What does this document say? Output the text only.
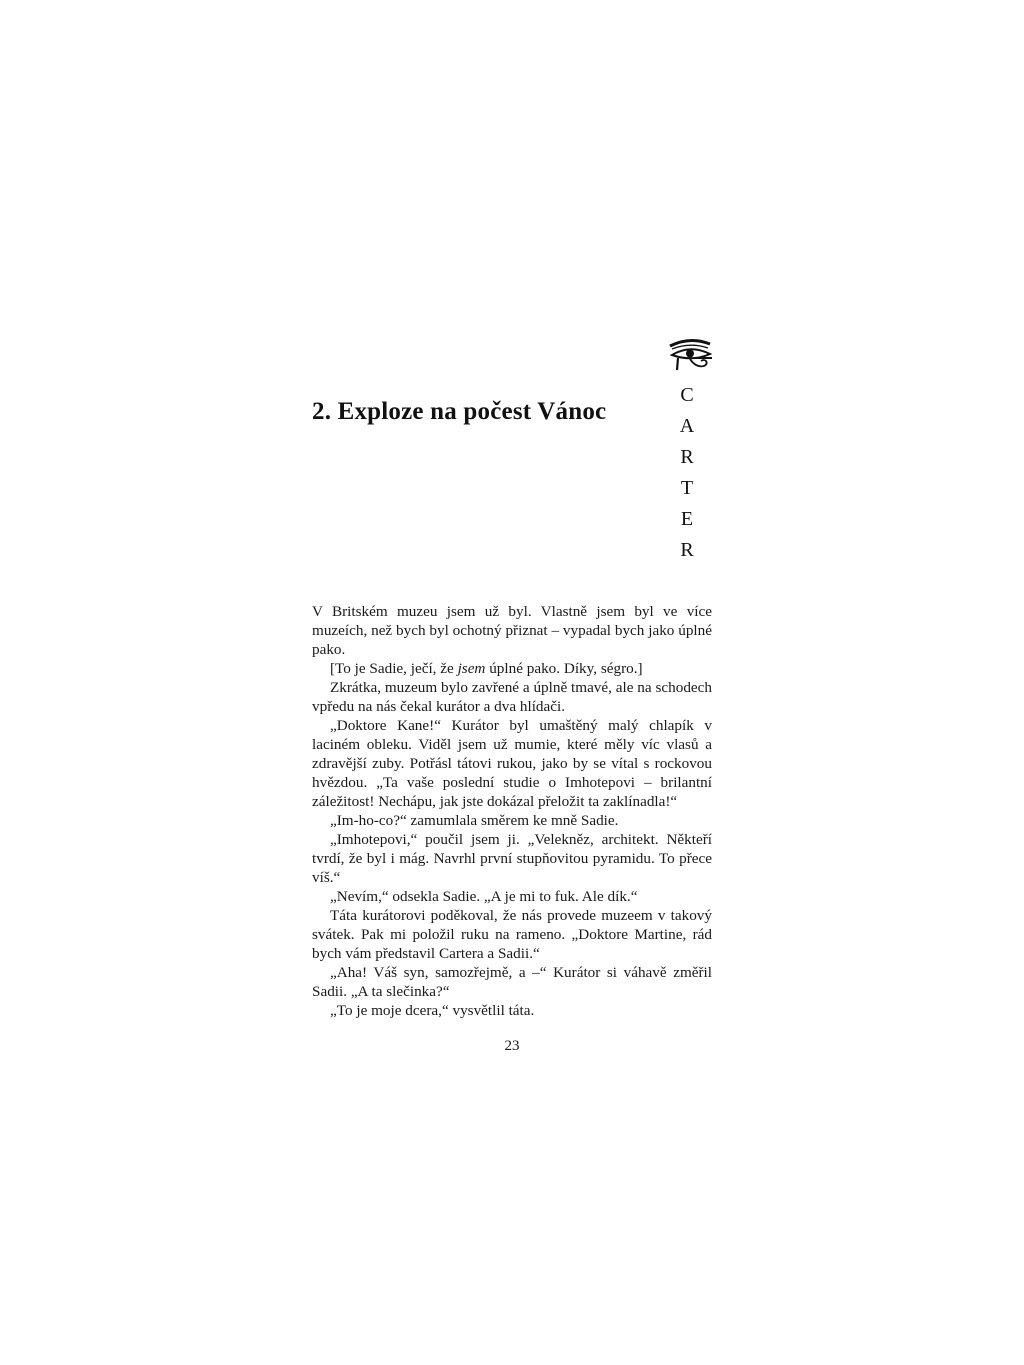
2. Exploze na počest Vánoc
C
A
R
T
E
R

V Britském muzeu jsem už byl. Vlastně jsem byl ve více muzeích, než bych byl ochotný přiznat – vypadal bych jako úplné pako.

[To je Sadie, ječí, že jsem úplné pako. Díky, ségro.]

Zkrátka, muzeum bylo zavřené a úplně tmavé, ale na schodech vpředu na nás čekal kurátor a dva hlídači.

„Doktore Kane!“ Kurátor byl umaštěný malý chlapík v laciném obleku. Viděl jsem už mumie, které měly víc vlasů a zdravější zuby. Potřásl tátovi rukou, jako by se vítal s rockovou hvězdou. „Ta vaše poslední studie o Imhotepovi – brilantní záležitost! Nechápu, jak jste dokázal přeložit ta zaklínadla!“

„Im-ho-co?“ zamumlala směrem ke mně Sadie.

„Imhotepovi,“ poučil jsem ji. „Velekněz, architekt. Někteří tvrdí, že byl i mág. Navrhl první stupňovitou pyramidu. To přece víš.“

„Nevím,“ odsekla Sadie. „A je mi to fuk. Ale dík.“

Táta kurátorovi poděkoval, že nás provede muzeem v takový svátek. Pak mi položil ruku na rameno. „Doktore Martine, rád bych vám představil Cartera a Sadii.“

„Aha! Váš syn, samozřejmě, a –“ Kurátor si váhavě změřil Sadii. „A ta slečinka?“

„To je moje dcera,“ vysvětlil táta.

23
